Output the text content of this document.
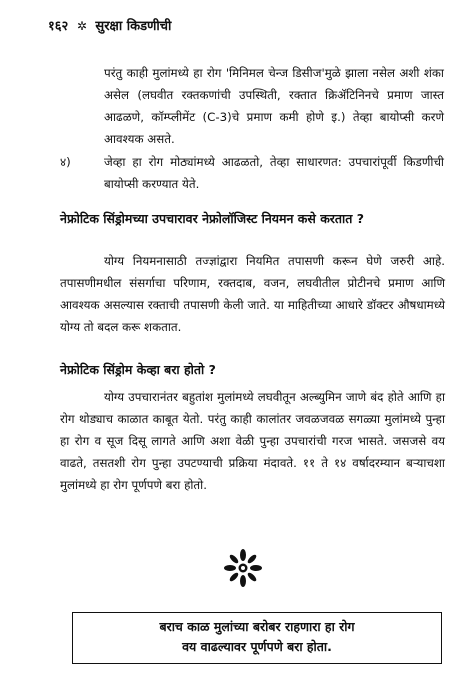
१६२ ✲ सुरक्षा किडणीची

परंतु काही मुलांमध्ये हा रोग 'मिनिमल चेन्ज डिसीज'मुळे झाला नसेल अशी शंका असेल (लघवीत रक्तकणांची उपस्थिती, रक्तात क्रिॲटिनिनचे प्रमाण जास्त आढळणे, कॉम्प्लीमेंट (C-3)चे प्रमाण कमी होणे इ.) तेव्हा बायोप्सी करणे आवश्यक असते.

४)	जेव्हा हा रोग मोठ्यांमध्ये आढळतो, तेव्हा साधारणत: उपचारांपूर्वी किडणीची बायोप्सी करण्यात येते.

नेफ्रोटिक सिंड्रोमच्या उपचारावर नेफ्रोलॉजिस्ट नियमन कसे करतात ?

योग्य नियमनासाठी तज्ज्ञांद्वारा नियमित तपासणी करून घेणे जरुरी आहे. तपासणीमधील संसर्गाचा परिणाम, रक्तदाब, वजन, लघवीतील प्रोटीनचे प्रमाण आणि आवश्यक असल्यास रक्ताची तपासणी केली जाते. या माहितीच्या आधारे डॉक्टर औषधामध्ये योग्य तो बदल करू शकतात.

नेफ्रोटिक सिंड्रोम केव्हा बरा होतो ?

योग्य उपचारानंतर बहुतांश मुलांमध्ये लघवीतून अल्ब्युमिन जाणे बंद होते आणि हा रोग थोड्याच काळात काबूत येतो. परंतु काही कालांतर जवळजवळ सगळ्या मुलांमध्ये पुन्हा हा रोग व सूज दिसू लागते आणि अशा वेळी पुन्हा उपचारांची गरज भासते. जसजसे वय वाढते, तसतशी रोग पुन्हा उपटण्याची प्रक्रिया मंदावते. ११ ते १४ वर्षादरम्यान बऱ्याचशा मुलांमध्ये हा रोग पूर्णपणे बरा होतो.

बराच काळ मुलांच्या बरोबर राहणारा हा रोग
वय वाढल्यावर पूर्णपणे बरा होता.
